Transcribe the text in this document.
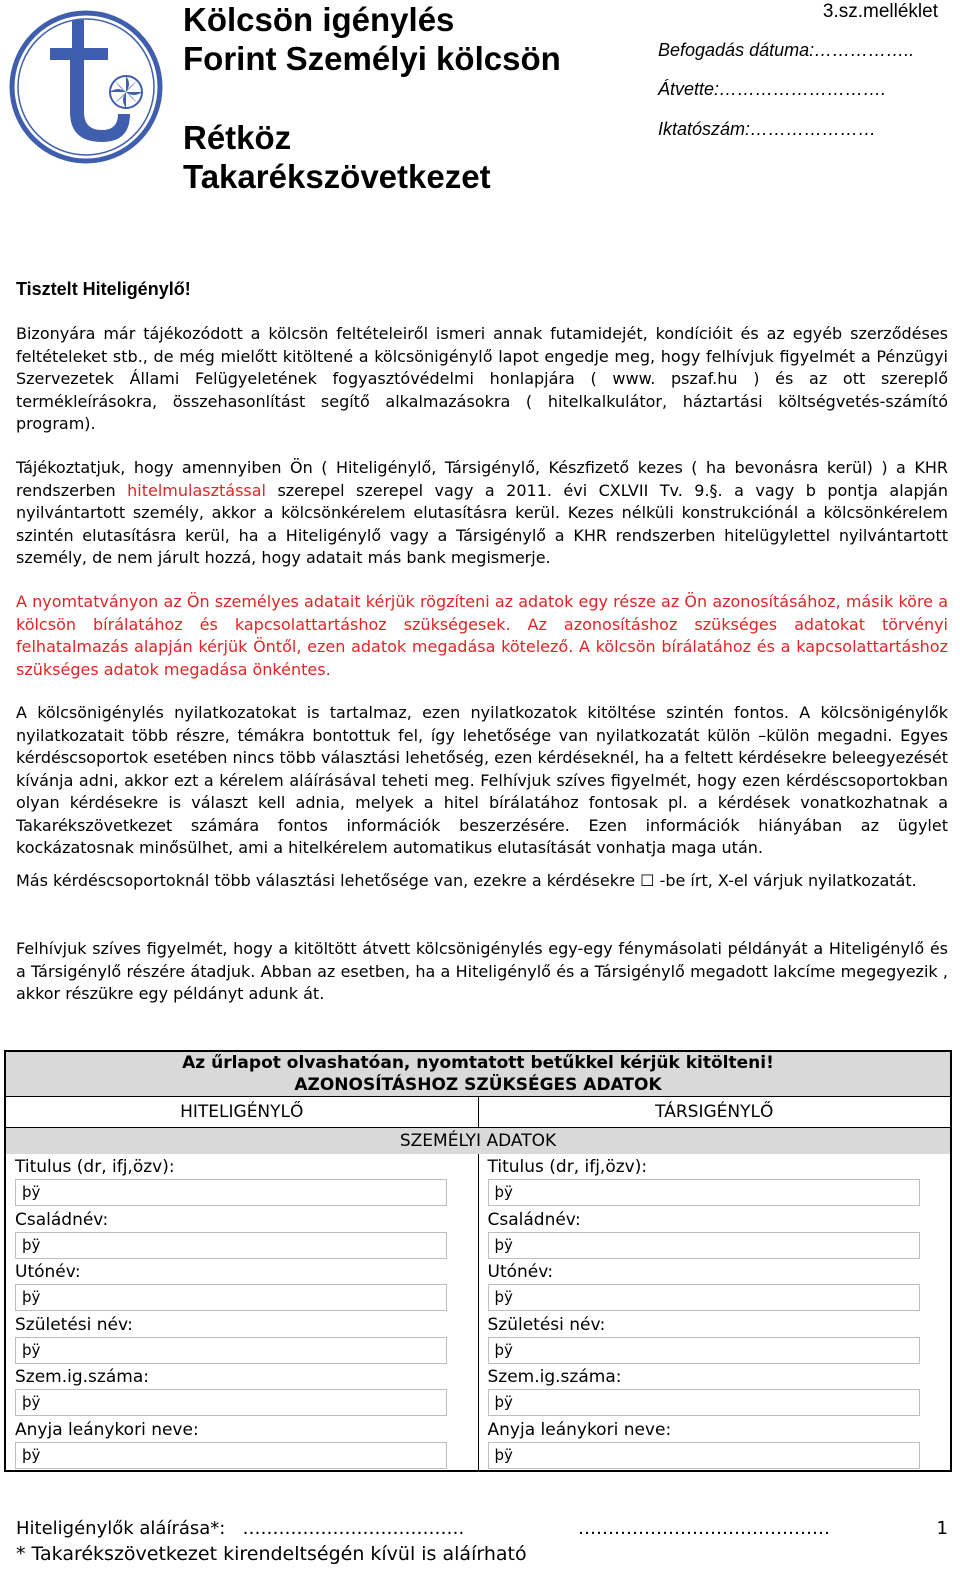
Kölcsön igénylés
Forint Személyi kölcsön
Rétköz
Takarékszövetkezet
3.sz.melléklet
Befogadás dátuma:……………..
Átvette:……………………….
Iktatószám:…………………
Tisztelt Hiteligénylő!
Bizonyára már tájékozódott a kölcsön feltételeiről ismeri annak futamidejét, kondícióit és az egyéb szerződéses feltételeket stb., de még mielőtt kitöltené a kölcsönigénylő lapot engedje meg, hogy felhívjuk figyelmét a Pénzügyi Szervezetek Állami Felügyeletének fogyasztóvédelmi honlapjára ( www. pszaf.hu ) és az ott szereplő termékleírásokra, összehasonlítást segítő alkalmazásokra ( hitelkalkulátor, háztartási költségvetés-számító program).
Tájékoztatjuk, hogy amennyiben Ön ( Hiteligénylő, Társigénylő, Készfizető kezes ( ha bevonásra kerül) ) a KHR rendszerben hitelmulasztással szerepel szerepel vagy a 2011. évi CXLVII Tv. 9.§. a vagy b pontja alapján nyilvántartott személy, akkor a kölcsönkérelem elutasításra kerül. Kezes nélküli konstrukciónál a kölcsönkérelem szintén elutasításra kerül, ha a Hiteligénylő vagy a Társigénylő a KHR rendszerben hitelügylettel nyilvántartott személy, de nem járult hozzá, hogy adatait más bank megismerje.
A nyomtatványon az Ön személyes adatait kérjük rögzíteni az adatok egy része az Ön azonosításához, másik köre a kölcsön bírálatához és kapcsolattartáshoz szükségesek. Az azonosításhoz szükséges adatokat törvényi felhatalmazás alapján kérjük Öntől, ezen adatok megadása kötelező. A kölcsön bírálatához és a kapcsolattartáshoz szükséges adatok megadása önkéntes.
A kölcsönigénylés nyilatkozatokat is tartalmaz, ezen nyilatkozatok kitöltése szintén fontos. A kölcsönigénylők nyilatkozatait több részre, témákra bontottuk fel, így lehetősége van nyilatkozatát külön –külön megadni. Egyes kérdéscsoportok esetében nincs több választási lehetőség, ezen kérdéseknél, ha a feltett kérdésekre beleegyezését kívánja adni, akkor ezt a kérelem aláírásával teheti meg. Felhívjuk szíves figyelmét, hogy ezen kérdéscsoportokban olyan kérdésekre is választ kell adnia, melyek a hitel bírálatához fontosak pl. a kérdések vonatkozhatnak a Takarékszövetkezet számára fontos információk beszerzésére. Ezen információk hiányában az ügylet kockázatosnak minősülhet, ami a hitelkérelem automatikus elutasítását vonhatja maga után.
Más kérdéscsoportoknál több választási lehetősége van, ezekre a kérdésekre ☐ -be írt, X-el várjuk nyilatkozatát.
Felhívjuk szíves figyelmét, hogy a kitöltött átvett kölcsönigénylés egy-egy fénymásolati példányát a Hiteligénylő és a Társigénylő részére átadjuk. Abban az esetben, ha a Hiteligénylő és a Társigénylő megadott lakcíme megegyezik , akkor részükre egy példányt adunk át.
Az űrlapot olvashatóan, nyomtatott betűkkel kérjük kitölteni!
AZONOSÍTÁSHOZ SZÜKSÉGES ADATOK
HITELIGÉNYLŐ	TÁRSIGÉNYLŐ
SZEMÉLYI ADATOK
Titulus (dr, ifj,özv):
þÿ
Családnév:
þÿ
Utónév:
þÿ
Születési név:
þÿ
Szem.ig.száma:
þÿ
Anyja leánykori neve:
þÿ
Titulus (dr, ifj,özv):
þÿ
Családnév:
þÿ
Utónév:
þÿ
Születési név:
þÿ
Szem.ig.száma:
þÿ
Anyja leánykori neve:
þÿ
Hiteligénylők aláírása*: ……………………………….	……………………………………	1
* Takarékszövetkezet kirendeltségén kívül is aláírható
